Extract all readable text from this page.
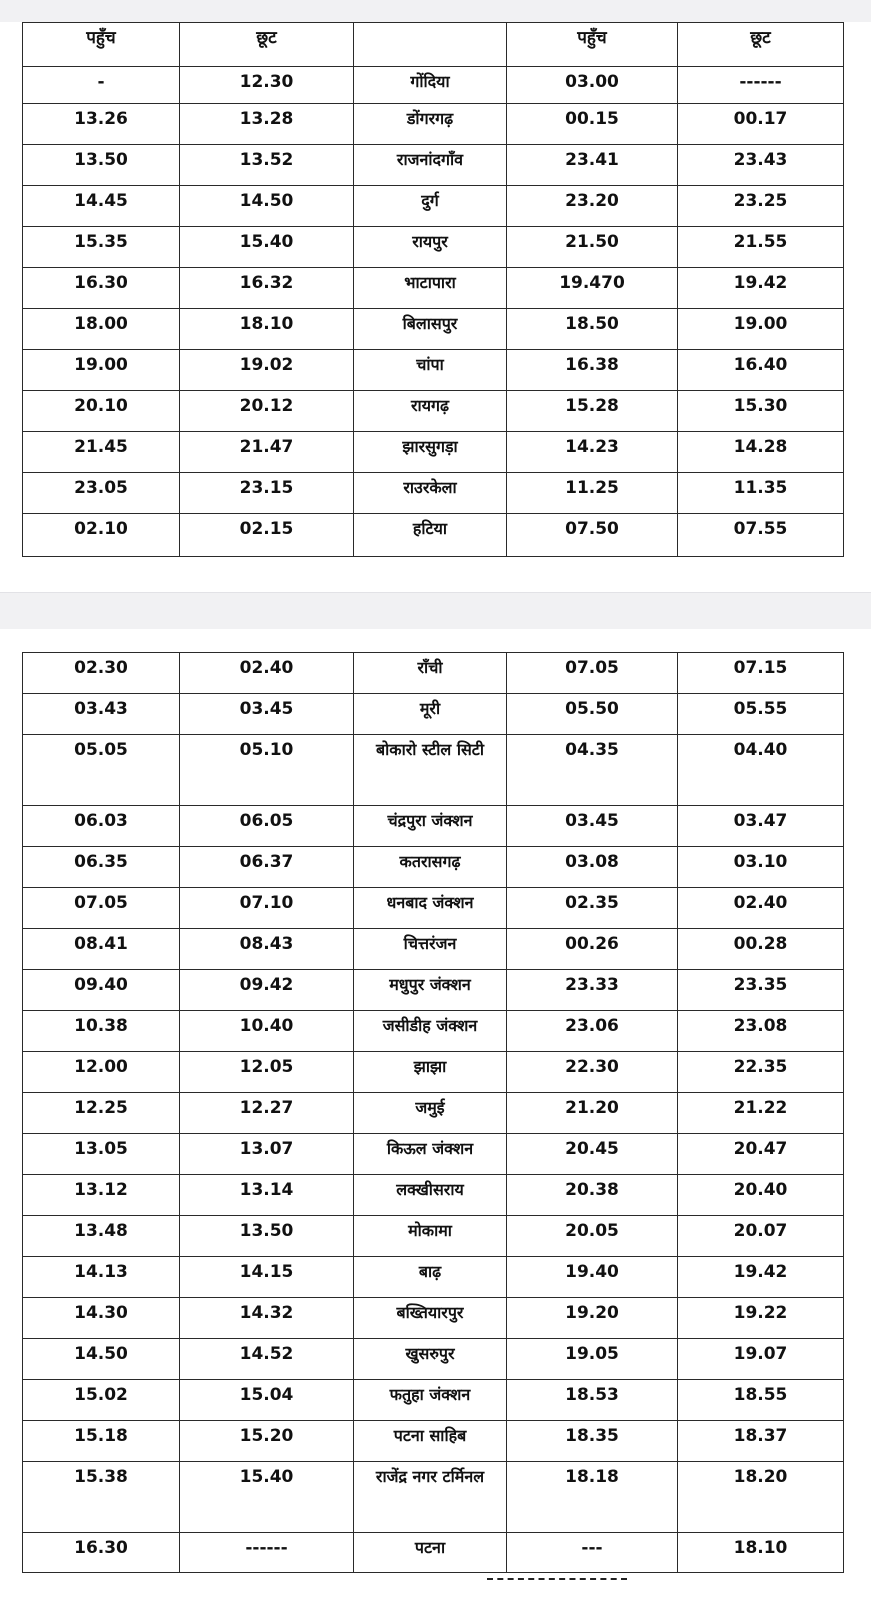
पहुँच	छूट		पहुँच	छूट
-	12.30	गोंदिया	03.00	------
13.26	13.28	डोंगरगढ़	00.15	00.17
13.50	13.52	राजनांदगाँव	23.41	23.43
14.45	14.50	दुर्ग	23.20	23.25
15.35	15.40	रायपुर	21.50	21.55
16.30	16.32	भाटापारा	19.470	19.42
18.00	18.10	बिलासपुर	18.50	19.00
19.00	19.02	चांपा	16.38	16.40
20.10	20.12	रायगढ़	15.28	15.30
21.45	21.47	झारसुगड़ा	14.23	14.28
23.05	23.15	राउरकेला	11.25	11.35
02.10	02.15	हटिया	07.50	07.55
02.30	02.40	राँची	07.05	07.15
03.43	03.45	मूरी	05.50	05.55
05.05	05.10	बोकारो स्टील सिटी	04.35	04.40
06.03	06.05	चंद्रपुरा जंक्शन	03.45	03.47
06.35	06.37	कतरासगढ़	03.08	03.10
07.05	07.10	धनबाद जंक्शन	02.35	02.40
08.41	08.43	चित्तरंजन	00.26	00.28
09.40	09.42	मधुपुर जंक्शन	23.33	23.35
10.38	10.40	जसीडीह जंक्शन	23.06	23.08
12.00	12.05	झाझा	22.30	22.35
12.25	12.27	जमुई	21.20	21.22
13.05	13.07	किऊल जंक्शन	20.45	20.47
13.12	13.14	लक्खीसराय	20.38	20.40
13.48	13.50	मोकामा	20.05	20.07
14.13	14.15	बाढ़	19.40	19.42
14.30	14.32	बख्तियारपुर	19.20	19.22
14.50	14.52	खुसरुपुर	19.05	19.07
15.02	15.04	फतुहा जंक्शन	18.53	18.55
15.18	15.20	पटना साहिब	18.35	18.37
15.38	15.40	राजेंद्र नगर टर्मिनल	18.18	18.20
16.30	------	पटना	---	18.10
